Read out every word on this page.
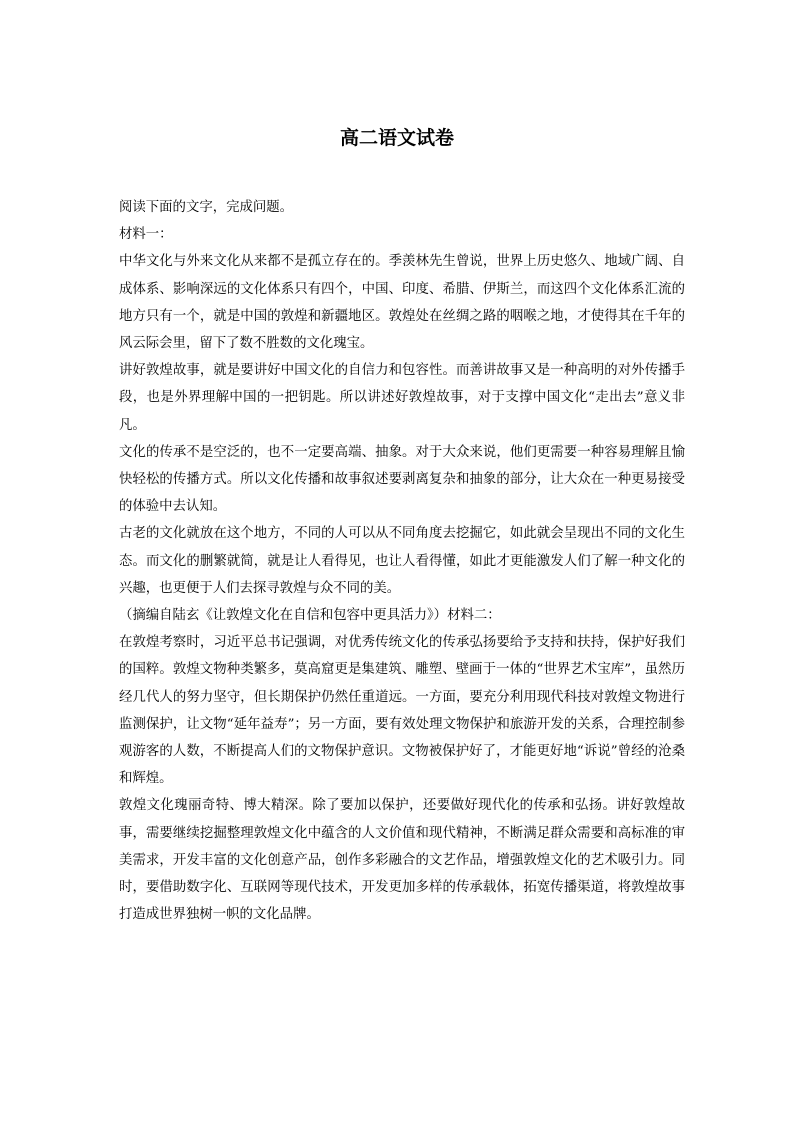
高二语文试卷

阅读下面的文字，完成问题。

材料一：

中华文化与外来文化从来都不是孤立存在的。季羡林先生曾说，世界上历史悠久、地域广阔、自成体系、影响深远的文化体系只有四个，中国、印度、希腊、伊斯兰，而这四个文化体系汇流的地方只有一个，就是中国的敦煌和新疆地区。敦煌处在丝绸之路的咽喉之地，才使得其在千年的风云际会里，留下了数不胜数的文化瑰宝。

讲好敦煌故事，就是要讲好中国文化的自信力和包容性。而善讲故事又是一种高明的对外传播手段，也是外界理解中国的一把钥匙。所以讲述好敦煌故事，对于支撑中国文化“走出去”意义非凡。

文化的传承不是空泛的，也不一定要高端、抽象。对于大众来说，他们更需要一种容易理解且愉快轻松的传播方式。所以文化传播和故事叙述要剥离复杂和抽象的部分，让大众在一种更易接受的体验中去认知。

古老的文化就放在这个地方，不同的人可以从不同角度去挖掘它，如此就会呈现出不同的文化生态。而文化的删繁就简，就是让人看得见，也让人看得懂，如此才更能激发人们了解一种文化的兴趣，也更便于人们去探寻敦煌与众不同的美。

（摘编自陆玄《让敦煌文化在自信和包容中更具活力》）材料二：

在敦煌考察时，习近平总书记强调，对优秀传统文化的传承弘扬要给予支持和扶持，保护好我们的国粹。敦煌文物种类繁多，莫高窟更是集建筑、雕塑、壁画于一体的“世界艺术宝库”，虽然历经几代人的努力坚守，但长期保护仍然任重道远。一方面，要充分利用现代科技对敦煌文物进行监测保护，让文物“延年益寿”；另一方面，要有效处理文物保护和旅游开发的关系，合理控制参观游客的人数，不断提高人们的文物保护意识。文物被保护好了，才能更好地“诉说”曾经的沧桑和辉煌。

敦煌文化瑰丽奇特、博大精深。除了要加以保护，还要做好现代化的传承和弘扬。讲好敦煌故事，需要继续挖掘整理敦煌文化中蕴含的人文价值和现代精神，不断满足群众需要和高标准的审美需求，开发丰富的文化创意产品，创作多彩融合的文艺作品，增强敦煌文化的艺术吸引力。同时，要借助数字化、互联网等现代技术，开发更加多样的传承载体，拓宽传播渠道，将敦煌故事打造成世界独树一帜的文化品牌。
